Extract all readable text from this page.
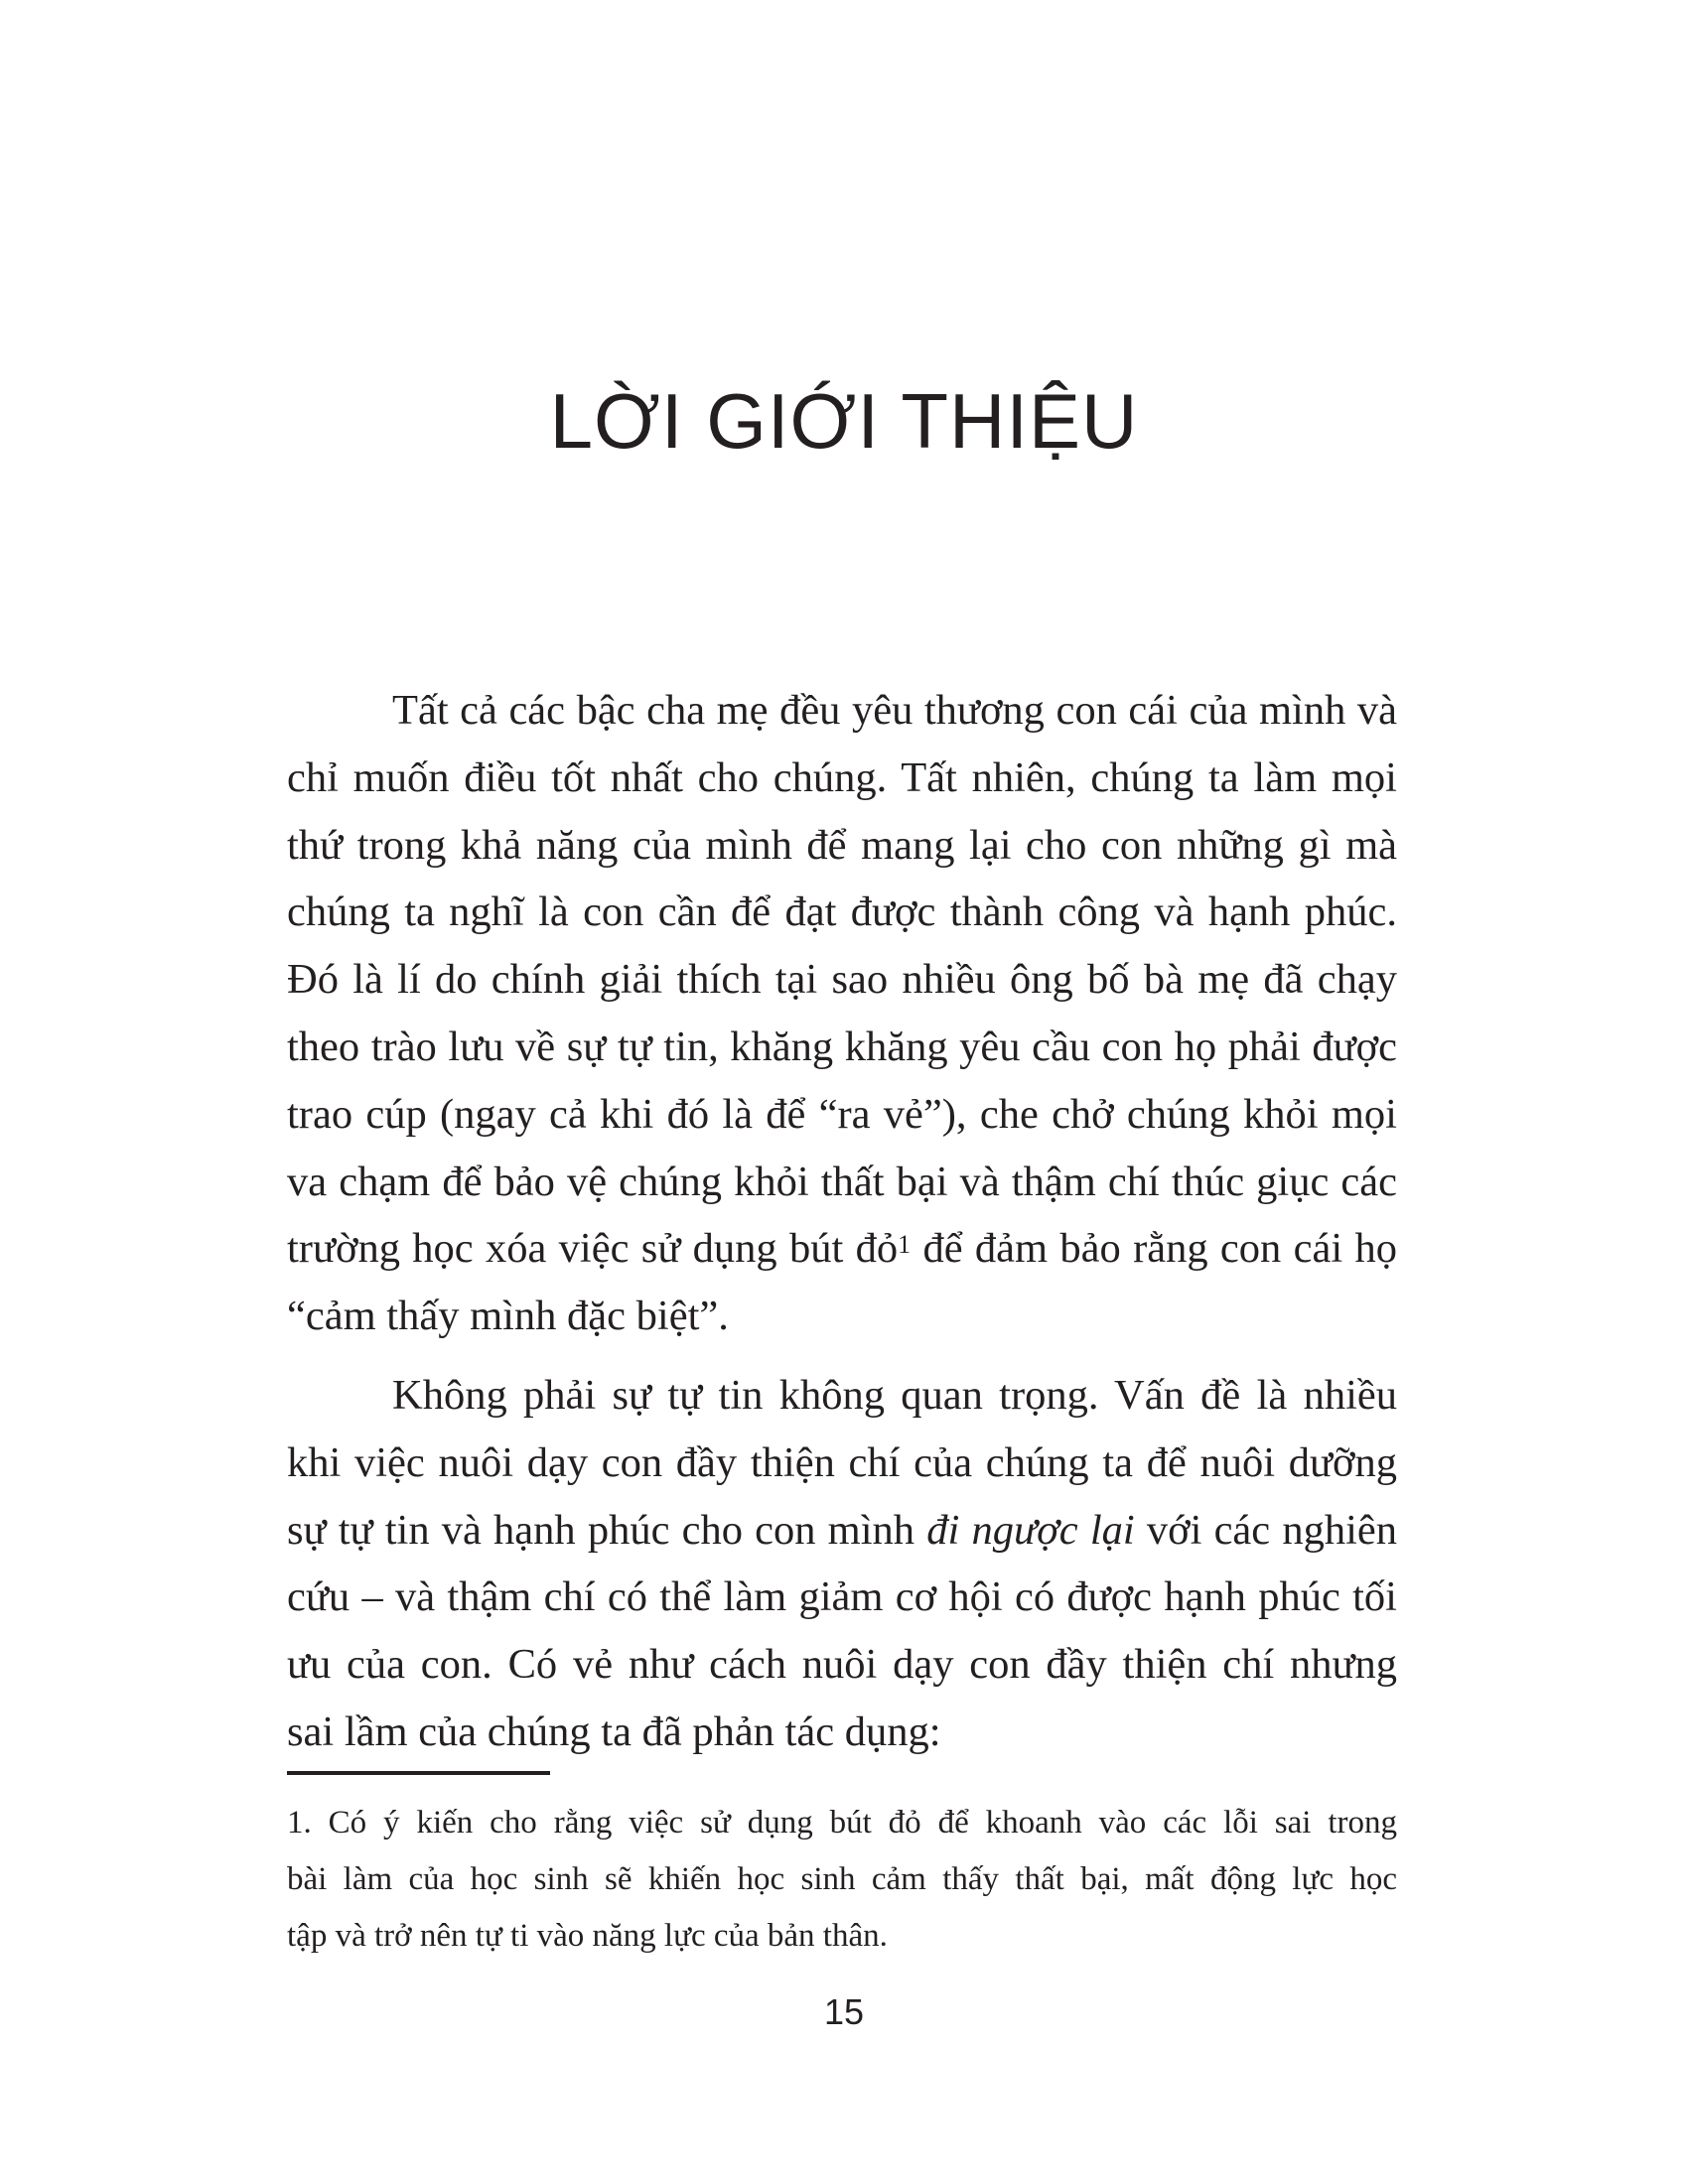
LỜI GIỚI THIỆU
Tất cả các bậc cha mẹ đều yêu thương con cái của mình và
chỉ muốn điều tốt nhất cho chúng. Tất nhiên, chúng ta làm mọi
thứ trong khả năng của mình để mang lại cho con những gì mà
chúng ta nghĩ là con cần để đạt được thành công và hạnh phúc.
Đó là lí do chính giải thích tại sao nhiều ông bố bà mẹ đã chạy
theo trào lưu về sự tự tin, khăng khăng yêu cầu con họ phải được
trao cúp (ngay cả khi đó là để “ra vẻ”), che chở chúng khỏi mọi
va chạm để bảo vệ chúng khỏi thất bại và thậm chí thúc giục các
trường học xóa việc sử dụng bút đỏ$^1$ để đảm bảo rằng con cái họ
“cảm thấy mình đặc biệt”.
Không phải sự tự tin không quan trọng. Vấn đề là nhiều
khi việc nuôi dạy con đầy thiện chí của chúng ta để nuôi dưỡng
sự tự tin và hạnh phúc cho con mình đi ngược lại với các nghiên
cứu – và thậm chí có thể làm giảm cơ hội có được hạnh phúc tối
ưu của con. Có vẻ như cách nuôi dạy con đầy thiện chí nhưng
sai lầm của chúng ta đã phản tác dụng:
1. Có ý kiến cho rằng việc sử dụng bút đỏ để khoanh vào các lỗi sai trong
bài làm của học sinh sẽ khiến học sinh cảm thấy thất bại, mất động lực học
tập và trở nên tự ti vào năng lực của bản thân.
15
